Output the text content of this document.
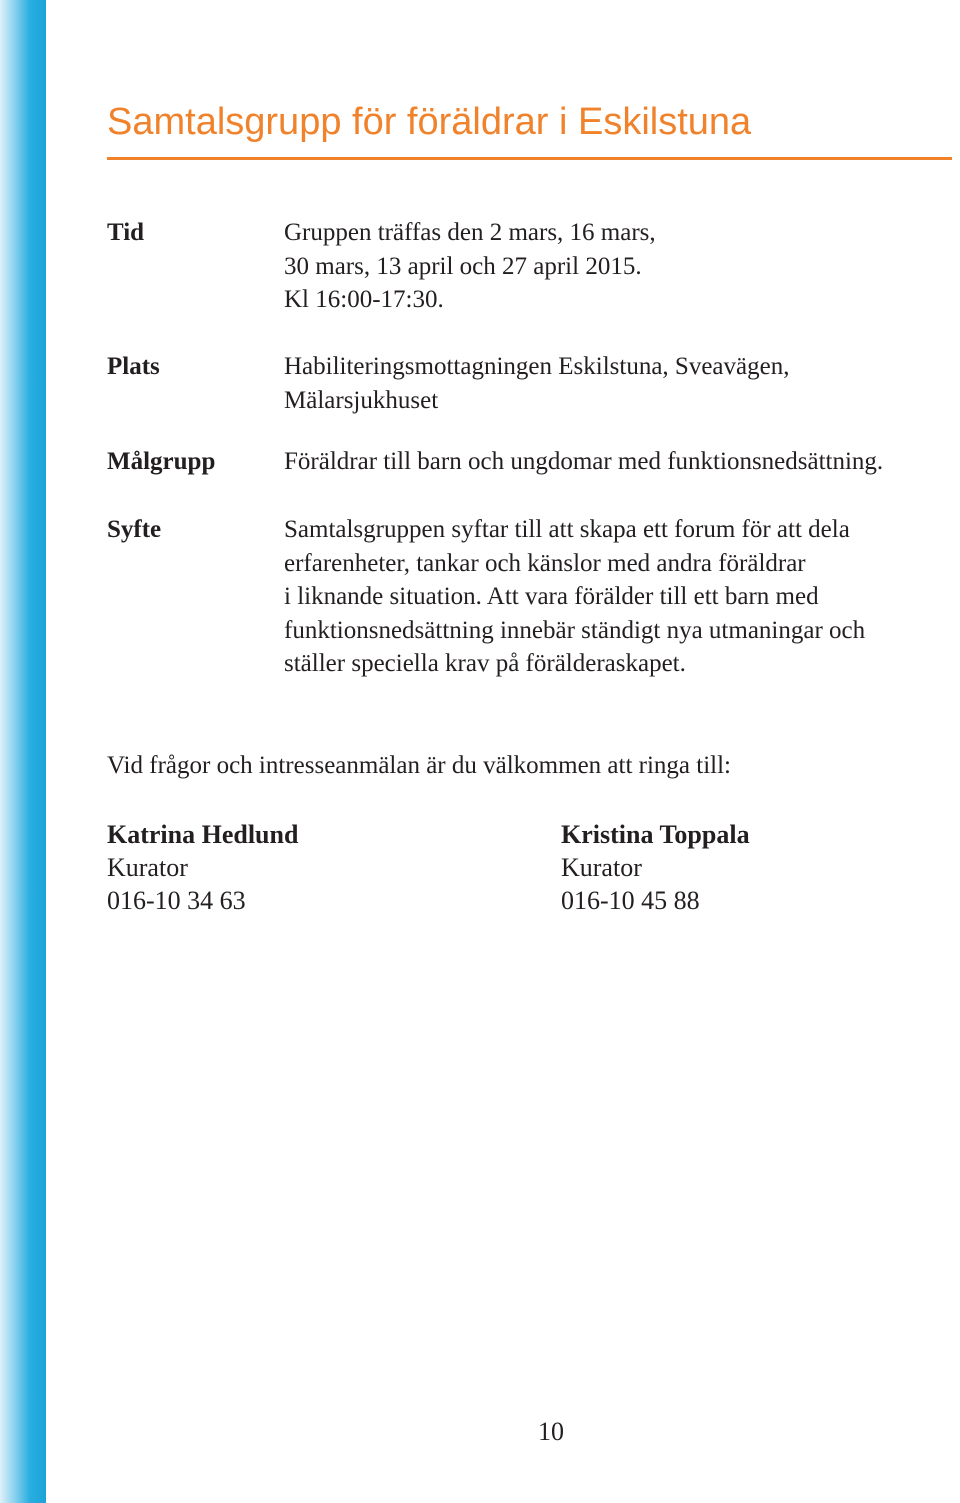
Samtalsgrupp för föräldrar i Eskilstuna
Tid	Gruppen träffas den 2 mars, 16 mars,
30 mars, 13 april och 27 april 2015.
Kl 16:00-17:30.
Plats	Habiliteringsmottagningen Eskilstuna, Sveavägen,
Mälarsjukhuset
Målgrupp	Föräldrar till barn och ungdomar med funktionsnedsättning.
Syfte	Samtalsgruppen syftar till att skapa ett forum för att dela
erfarenheter, tankar och känslor med andra föräldrar
i liknande situation. Att vara förälder till ett barn med
funktionsnedsättning innebär ständigt nya utmaningar och
ställer speciella krav på förälderaskapet.
Vid frågor och intresseanmälan är du välkommen att ringa till:
Katrina Hedlund
Kurator
016-10 34 63
Kristina Toppala
Kurator
016-10 45 88
10
